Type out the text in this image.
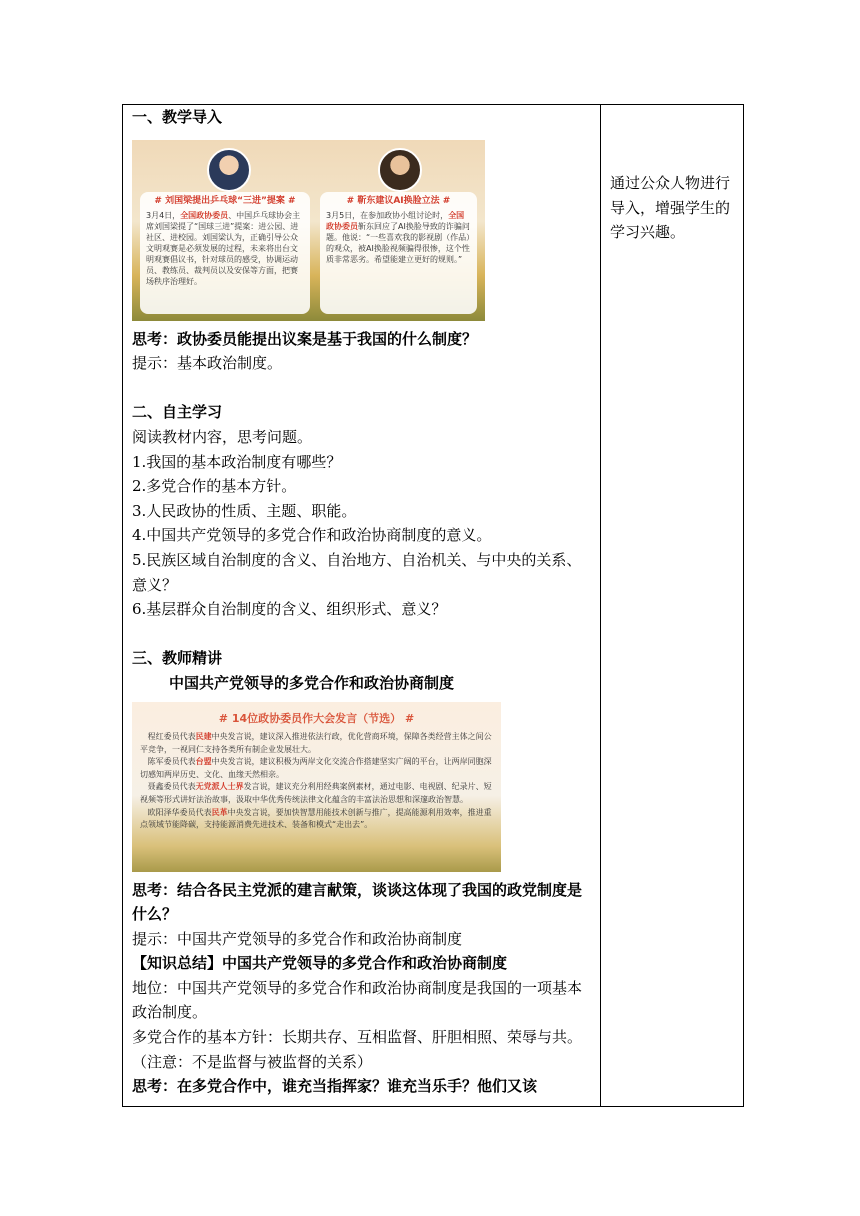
一、教学导入
# 刘国梁提出乒乓球“三进”提案 #
3月4日，全国政协委员、中国乒乓球协会主席刘国梁提了“国球三进”提案：进公园、进社区、进校园。刘国梁认为，正确引导公众文明观赛是必须发展的过程，未来将出台文明观赛倡议书，针对球员的感受，协调运动员、教练员、裁判员以及安保等方面，把赛场秩序治理好。
# 靳东建议AI换脸立法 #
3月5日，在参加政协小组讨论时，全国政协委员靳东回应了AI换脸导致的诈骗问题。他说：“一些喜欢我的影视剧（作品）的观众，被AI换脸视频骗得很惨，这个性质非常恶劣。希望能建立更好的规则。”
思考：政协委员能提出议案是基于我国的什么制度？
提示：基本政治制度。
二、自主学习
阅读教材内容，思考问题。
1.我国的基本政治制度有哪些？
2.多党合作的基本方针。
3.人民政协的性质、主题、职能。
4.中国共产党领导的多党合作和政治协商制度的意义。
5.民族区域自治制度的含义、自治地方、自治机关、与中央的关系、意义？
6.基层群众自治制度的含义、组织形式、意义？
三、教师精讲
中国共产党领导的多党合作和政治协商制度
# 14位政协委员作大会发言（节选） #
程红委员代表民建中央发言说，建议深入推进依法行政，优化营商环境，保障各类经营主体之间公平竞争，一视同仁支持各类所有制企业发展壮大。
陈军委员代表台盟中央发言说，建议积极为两岸文化交流合作搭建坚实广阔的平台，让两岸同胞深切感知两岸历史、文化、血缘天然相亲。
聂鑫委员代表无党派人士界发言说，建议充分利用经典案例素材，通过电影、电视剧、纪录片、短视频等形式讲好法治故事，汲取中华优秀传统法律文化蕴含的丰富法治思想和深邃政治智慧。
欧阳泽华委员代表民革中央发言说，要加快智慧用能技术创新与推广，提高能源利用效率，推进重点领域节能降碳，支持能源消费先进技术、装备和模式“走出去”。
思考：结合各民主党派的建言献策，谈谈这体现了我国的政党制度是什么？
提示：中国共产党领导的多党合作和政治协商制度
【知识总结】中国共产党领导的多党合作和政治协商制度
地位：中国共产党领导的多党合作和政治协商制度是我国的一项基本政治制度。
多党合作的基本方针：长期共存、互相监督、肝胆相照、荣辱与共。（注意：不是监督与被监督的关系）
思考：在多党合作中，谁充当指挥家？谁充当乐手？他们又该
通过公众人物进行导入，增强学生的学习兴趣。
